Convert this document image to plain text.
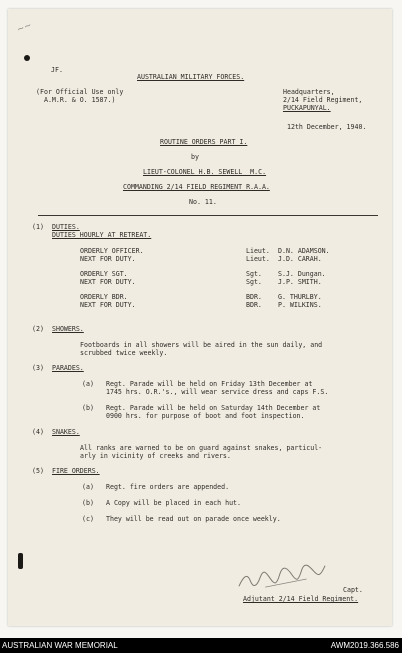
~~
JF.
AUSTRALIAN MILITARY FORCES.
(For Official Use only
A.M.R. & O. 1587.)
Headquarters,
2/14 Field Regiment,
PUCKAPUNYAL.
12th December, 1940.
ROUTINE ORDERS PART I.
by
LIEUT-COLONEL H.B. SEWELL  M.C.
COMMANDING 2/14 FIELD REGIMENT R.A.A.
No. 11.
(1) DUTIES.
DUTIES HOURLY AT RETREAT.
ORDERLY OFFICER.	Lieut. D.N. ADAMSON.
NEXT FOR DUTY.	Lieut. J.D. CARAH.
ORDERLY SGT.	Sgt. S.J. Dungan.
NEXT FOR DUTY.	Sgt. J.P. SMITH.
ORDERLY BDR.	BDR. G. THURLBY.
NEXT FOR DUTY.	BDR. P. WILKINS.
(2) SHOWERS.
Footboards in all showers will be aired in the sun daily, and
scrubbed twice weekly.
(3) PARADES.
(a) Regt. Parade will be held on Friday 13th December at
1745 hrs. O.R.'s., will wear service dress and caps F.S.
(b) Regt. Parade will be held on Saturday 14th December at
0900 hrs. for purpose of boot and foot inspection.
(4) SNAKES.
All ranks are warned to be on guard against snakes, particul-
arly in vicinity of creeks and rivers.
(5) FIRE ORDERS.
(a) Regt. fire orders are appended.
(b) A Copy will be placed in each hut.
(c) They will be read out on parade once weekly.
Capt.
Adjutant 2/14 Field Regiment.
AUSTRALIAN WAR MEMORIAL	AWM2019.366.586
